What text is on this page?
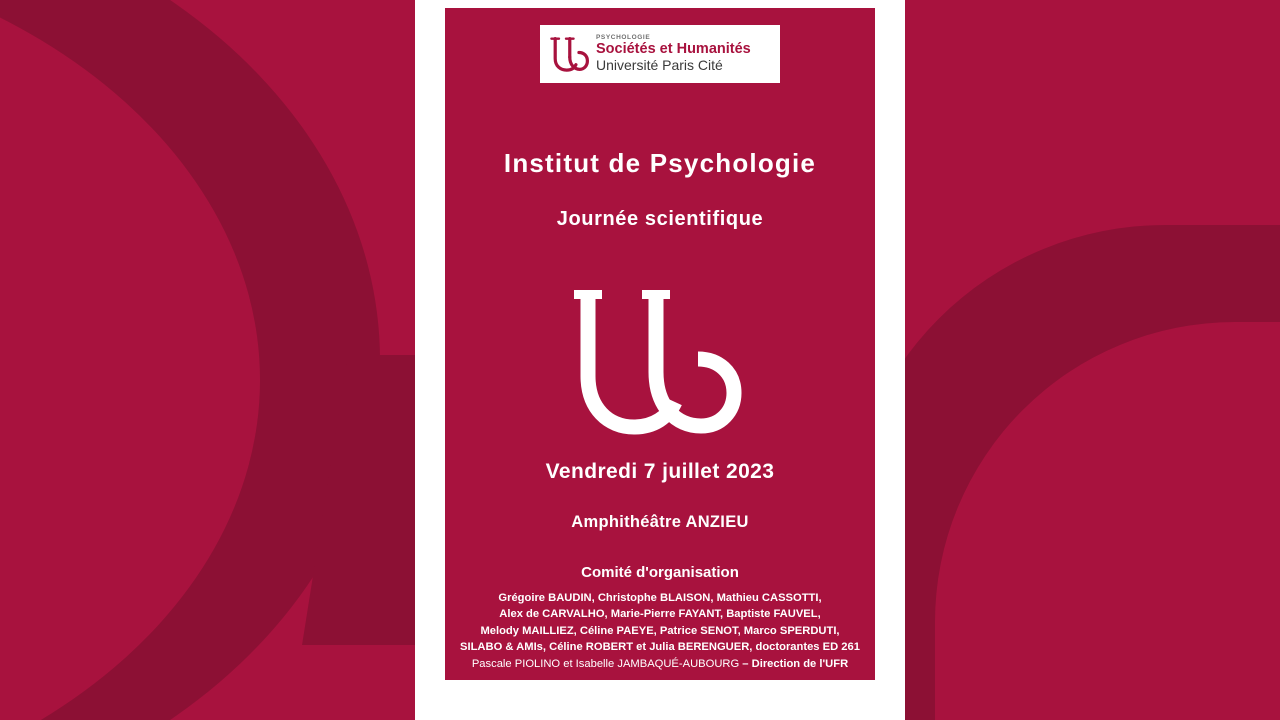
PSYCHOLOGIE
Sociétés et Humanités
Université Paris Cité
Institut de Psychologie
Journée scientifique
Vendredi 7 juillet 2023
Amphithéâtre ANZIEU
Comité d'organisation
Grégoire BAUDIN, Christophe BLAISON, Mathieu CASSOTTI,
Alex de CARVALHO, Marie-Pierre FAYANT, Baptiste FAUVEL,
Melody MAILLIEZ, Céline PAEYE, Patrice SENOT, Marco SPERDUTI,
SILABO & AMIs, Céline ROBERT et Julia BERENGUER, doctorantes ED 261
Pascale PIOLINO et Isabelle JAMBAQUÉ-AUBOURG – Direction de l'UFR
